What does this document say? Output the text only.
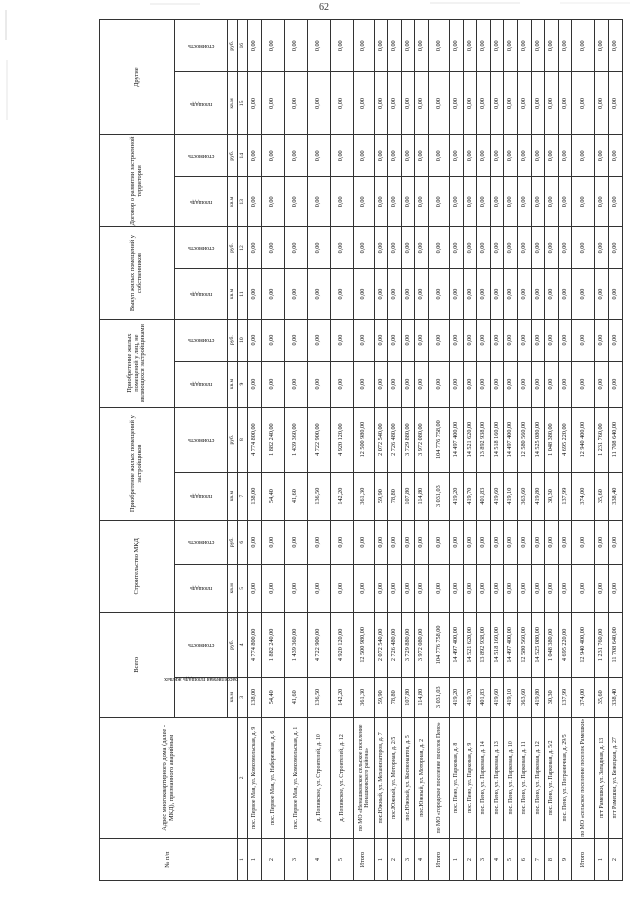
62
№ п/п	Адрес многоквартирного дома (далее - МКД), признанного аварийным	Всего		Строительство МКД		Приобретение жилых помещений у застройщиков		Приобретение жилых помещений у лиц, не являющихся застройщиками		Выкуп жилых помещений у собственников		Договор о развитии застроенной территории		Другие	
		расселяемая площадь жилых	стоимость	площадь	стоимость	площадь	стоимость	площадь	стоимость	площадь	стоимость	площадь	стоимость	площадь	стоимость
		кв.м	руб.	кв.м	руб.	кв.м	руб.	кв.м	руб.	кв.м	руб.	кв.м	руб.	кв.м	руб.
1	2	3	4	5	6	7	8	9	10	11	12	13	14	15	16
1	пос. Первое Мая, ул. Комсомольская, д. 9	138,00	4 774 800,00	0,00	0,00	138,00	4 774 800,00	0,00	0,00	0,00	0,00	0,00	0,00	0,00	0,00
2	пос. Первое Мая, ул. Набережная, д. 6	54,40	1 882 240,00	0,00	0,00	54,40	1 882 240,00	0,00	0,00	0,00	0,00	0,00	0,00	0,00	0,00
3	пос. Первое Мая, ул. Комсомольская, д. 1	41,60	1 439 360,00	0,00	0,00	41,60	1 439 360,00	0,00	0,00	0,00	0,00	0,00	0,00	0,00	0,00
4	д. Попивское, ул. Строителей, д. 10	136,50	4 722 900,00	0,00	0,00	136,50	4 722 900,00	0,00	0,00	0,00	0,00	0,00	0,00	0,00	0,00
5	д. Попивское, ул. Строителей, д. 12	142,20	4 920 120,00	0,00	0,00	142,20	4 920 120,00	0,00	0,00	0,00	0,00	0,00	0,00	0,00	0,00
Итого	по МО «Ненашковское сельское поселение Ненашковского района»	361,30	12 500 980,00	0,00	0,00	361,30	12 500 980,00	0,00	0,00	0,00	0,00	0,00	0,00	0,00	0,00
1	пос.Южный, ул. Механизаторов, д. 7	59,90	2 072 540,00	0,00	0,00	59,90	2 072 540,00	0,00	0,00	0,00	0,00	0,00	0,00	0,00	0,00
2	пос.Южный, ул. Моторная, д. 2/5	78,80	2 726 480,00	0,00	0,00	78,80	2 726 480,00	0,00	0,00	0,00	0,00	0,00	0,00	0,00	0,00
3	пос.Южный, ул. Космонавтов, д. 5	107,80	3 729 880,00	0,00	0,00	107,80	3 729 880,00	0,00	0,00	0,00	0,00	0,00	0,00	0,00	0,00
4	пос.Южный, ул. Моторная, д. 2	114,80	3 972 080,00	0,00	0,00	114,80	3 972 080,00	0,00	0,00	0,00	0,00	0,00	0,00	0,00	0,00
Итого	по МО «городское поселение поселок Пено»	3 031,03	104 776 758,00	0,00	0,00	3 031,03	104 776 758,00	0,00	0,00	0,00	0,00	0,00	0,00	0,00	0,00
1	пос. Пено, ул. Парковая, д. 8	419,20	14 497 400,00	0,00	0,00	419,20	14 497 400,00	0,00	0,00	0,00	0,00	0,00	0,00	0,00	0,00
2	пос. Пено, ул. Парковая, д. 9	419,70	14 521 620,00	0,00	0,00	419,70	14 521 620,00	0,00	0,00	0,00	0,00	0,00	0,00	0,00	0,00
3	пос. Пено, ул. Парковая, д. 14	401,83	13 892 938,00	0,00	0,00	401,83	13 892 938,00	0,00	0,00	0,00	0,00	0,00	0,00	0,00	0,00
4	пос. Пено, ул. Парковая, д. 13	419,60	14 518 160,00	0,00	0,00	419,60	14 518 160,00	0,00	0,00	0,00	0,00	0,00	0,00	0,00	0,00
5	пос. Пено, ул. Парковая, д. 10	419,10	14 497 400,00	0,00	0,00	419,10	14 497 400,00	0,00	0,00	0,00	0,00	0,00	0,00	0,00	0,00
6	пос. Пено, ул. Парковая, д. 11	363,60	12 580 560,00	0,00	0,00	363,60	12 580 560,00	0,00	0,00	0,00	0,00	0,00	0,00	0,00	0,00
7	пос. Пено, ул. Парковая, д. 12	419,80	14 525 080,00	0,00	0,00	419,80	14 525 080,00	0,00	0,00	0,00	0,00	0,00	0,00	0,00	0,00
8	пос. Пено, ул. Парковая, д. 5/2	30,30	1 048 380,00	0,00	0,00	30,30	1 048 380,00	0,00	0,00	0,00	0,00	0,00	0,00	0,00	0,00
9	пос. Пено, ул. Пограничная, д. 29/5	137,99	4 695 220,00	0,00	0,00	137,99	4 695 220,00	0,00	0,00	0,00	0,00	0,00	0,00	0,00	0,00
Итого	по МО «сельское поселение поселок Рамешки»	374,00	12 940 400,00	0,00	0,00	374,00	12 940 400,00	0,00	0,00	0,00	0,00	0,00	0,00	0,00	0,00
1	пгт Рамешки, ул. Западная, д. 13	35,60	1 231 760,00	0,00	0,00	35,60	1 231 760,00	0,00	0,00	0,00	0,00	0,00	0,00	0,00	0,00
2	пгт Рамешки, ул. Бежецкая, д. 27	338,40	11 708 640,00	0,00	0,00	338,40	11 708 640,00	0,00	0,00	0,00	0,00	0,00	0,00	0,00	0,00
